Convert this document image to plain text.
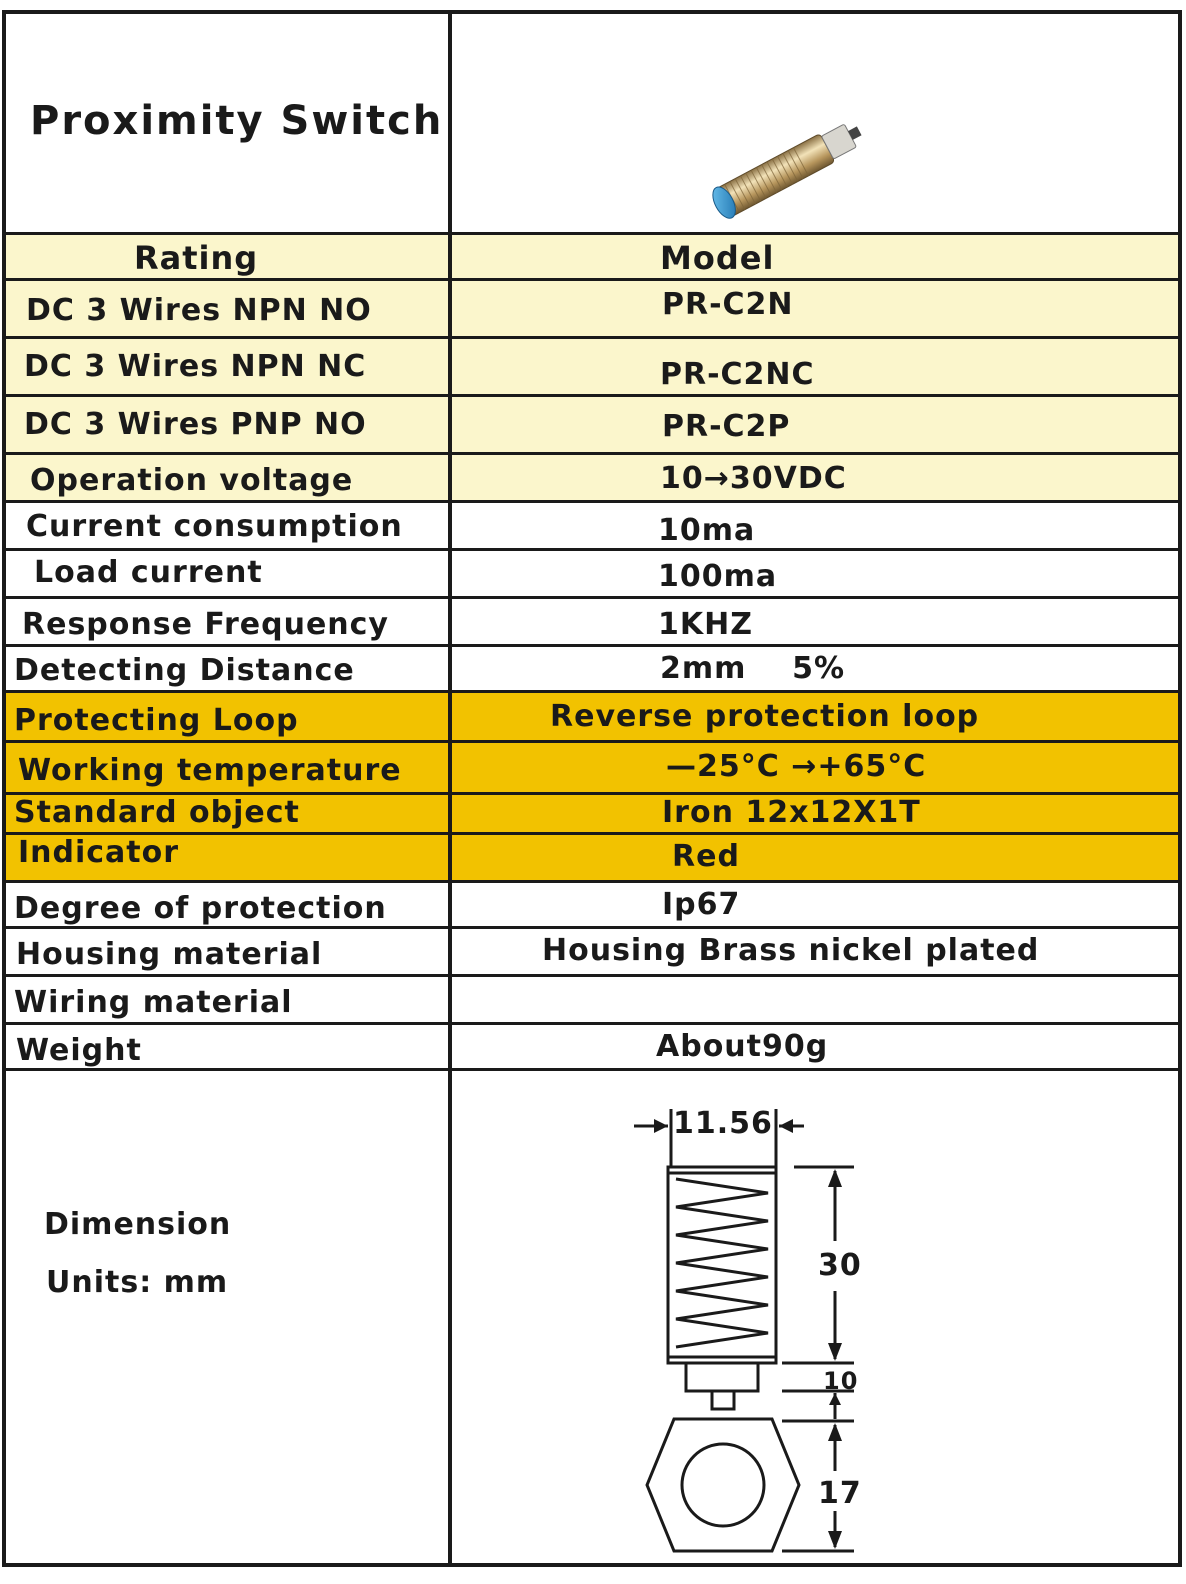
Proximity Switch
Rating	Model
DC 3 Wires NPN NO	PR-C2N
DC 3 Wires NPN NC	PR-C2NC
DC 3 Wires PNP NO	PR-C2P
Operation voltage	10→30VDC
Current consumption	10ma
Load current	100ma
Response Frequency	1KHZ
Detecting Distance	2mm    5%
Protecting Loop	Reverse protection loop
Working temperature	—25°C →+65°C
Standard object	Iron 12x12X1T
Indicator	Red
Degree of protection	Ip67
Housing material	Housing Brass nickel plated
Wiring material
Weight	About90g
Dimension
Units: mm
11.56
30
10
17
